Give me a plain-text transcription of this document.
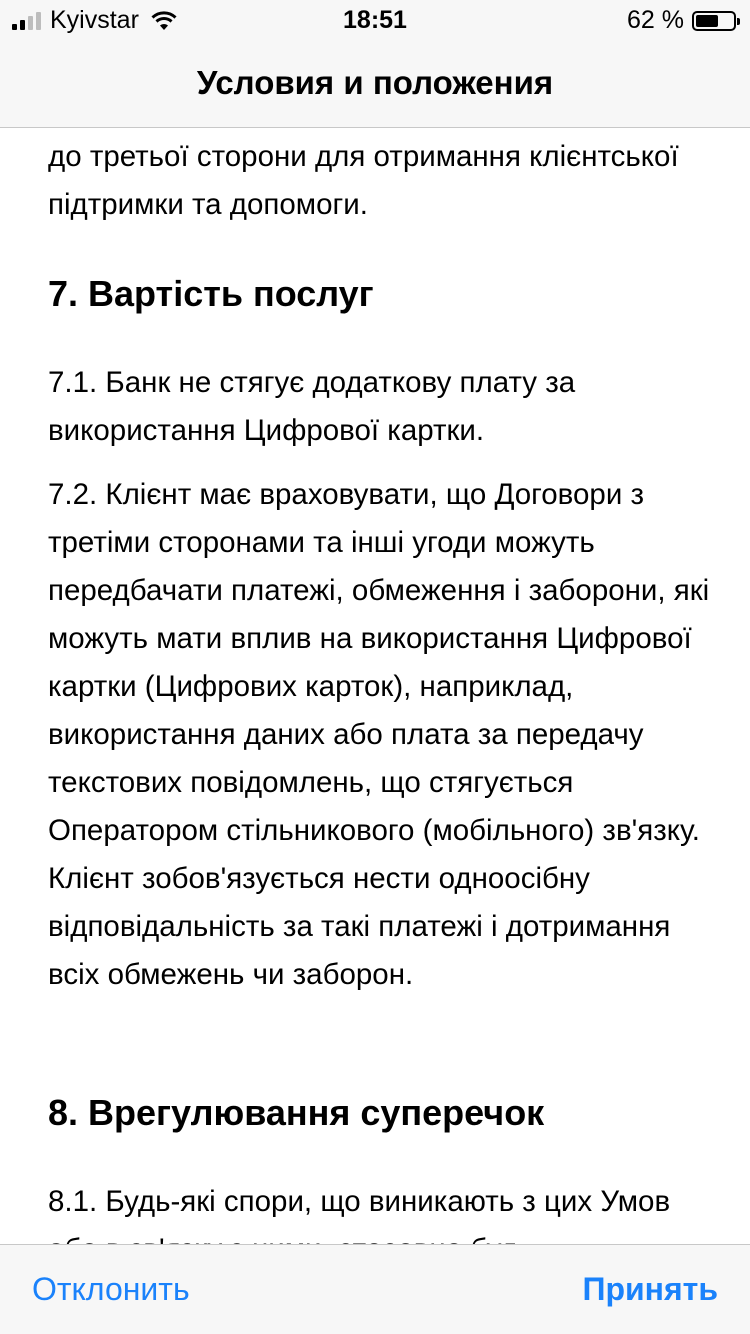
Kyivstar	18:51	62 %
Условия и положения
до третьої сторони для отримання клієнтської підтримки та допомоги.
7. Вартість послуг
7.1. Банк не стягує додаткову плату за використання Цифрової картки.
7.2. Клієнт має враховувати, що Договори з третіми сторонами та інші угоди можуть передбачати платежі, обмеження і заборони, які можуть мати вплив на використання Цифрової картки (Цифрових карток), наприклад, використання даних або плата за передачу текстових повідомлень, що стягується Оператором стільникового (мобільного) зв'язку. Клієнт зобов'язується нести одноосібну відповідальність за такі платежі і дотримання всіх обмежень чи заборон.
8. Врегулювання суперечок
8.1. Будь-які спори, що виникають з цих Умов
Отклонить	Принять
